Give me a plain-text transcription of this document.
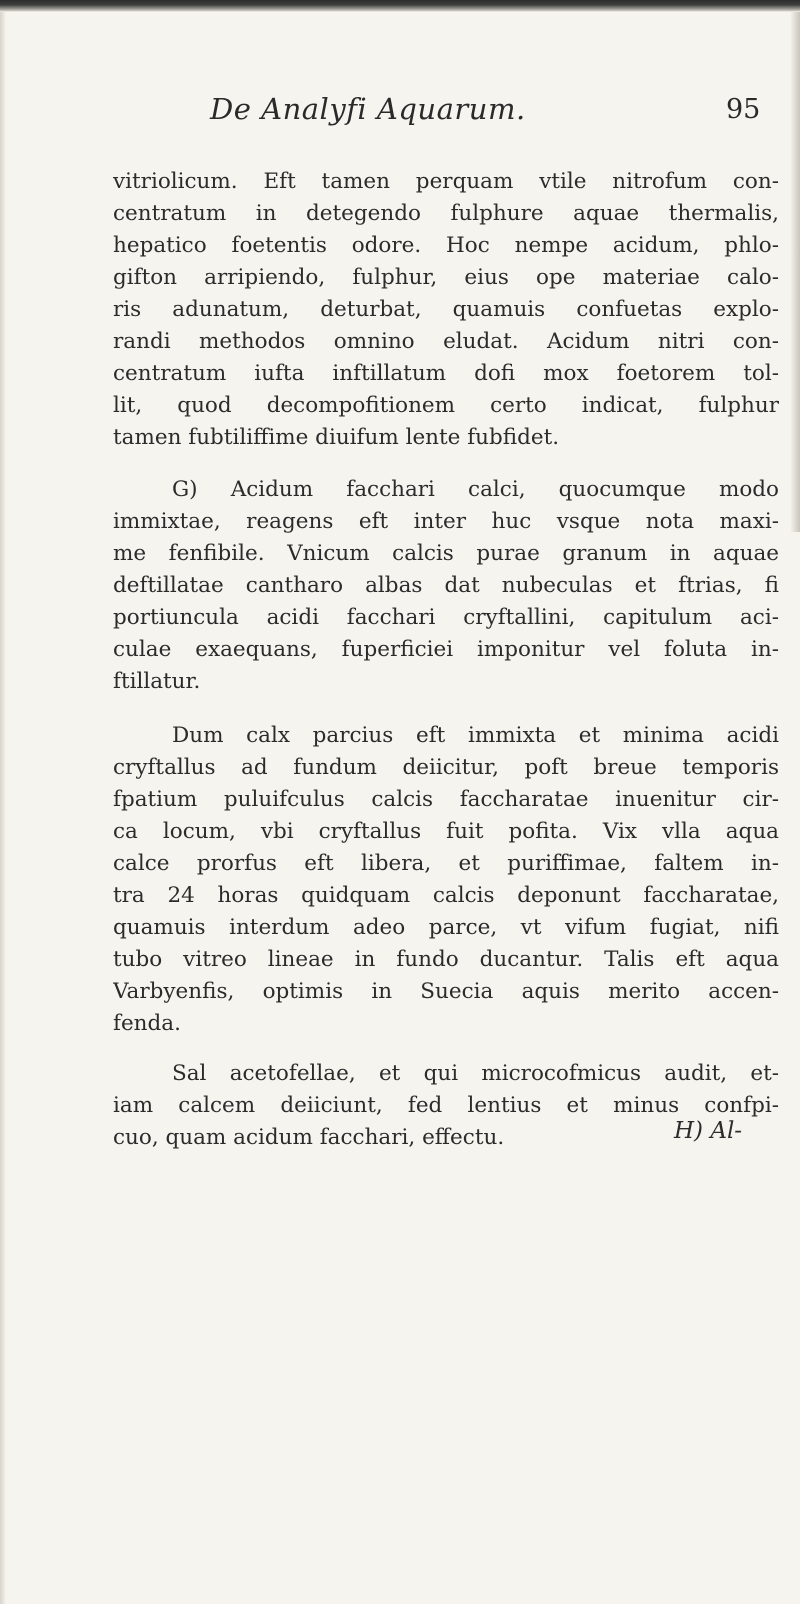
De Analyfi Aquarum.	95
vitriolicum. Eft tamen perquam vtile nitrofum con-
centratum in detegendo fulphure aquae thermalis,
hepatico foetentis odore. Hoc nempe acidum, phlo-
gifton arripiendo, fulphur, eius ope materiae calo-
ris adunatum, deturbat, quamuis confuetas explo-
randi methodos omnino eludat. Acidum nitri con-
centratum iufta inftillatum dofi mox foetorem tol-
lit, quod decompofitionem certo indicat, fulphur
tamen fubtiliffime diuifum lente fubfidet.
G) Acidum facchari calci, quocumque modo
immixtae, reagens eft inter huc vsque nota maxi-
me fenfibile. Vnicum calcis purae granum in aquae
deftillatae cantharo albas dat nubeculas et ftrias, fi
portiuncula acidi facchari cryftallini, capitulum aci-
culae exaequans, fuperficiei imponitur vel foluta in-
ftillatur.
Dum calx parcius eft immixta et minima acidi
cryftallus ad fundum deiicitur, poft breue temporis
fpatium puluifculus calcis faccharatae inuenitur cir-
ca locum, vbi cryftallus fuit pofita. Vix vlla aqua
calce prorfus eft libera, et puriffimae, faltem in-
tra 24 horas quidquam calcis deponunt faccharatae,
quamuis interdum adeo parce, vt vifum fugiat, nifi
tubo vitreo lineae in fundo ducantur. Talis eft aqua
Varbyenfis, optimis in Suecia aquis merito accen-
fenda.
Sal acetofellae, et qui microcofmicus audit, et-
iam calcem deiiciunt, fed lentius et minus confpi-
cuo, quam acidum facchari, effectu.	H) Al-
